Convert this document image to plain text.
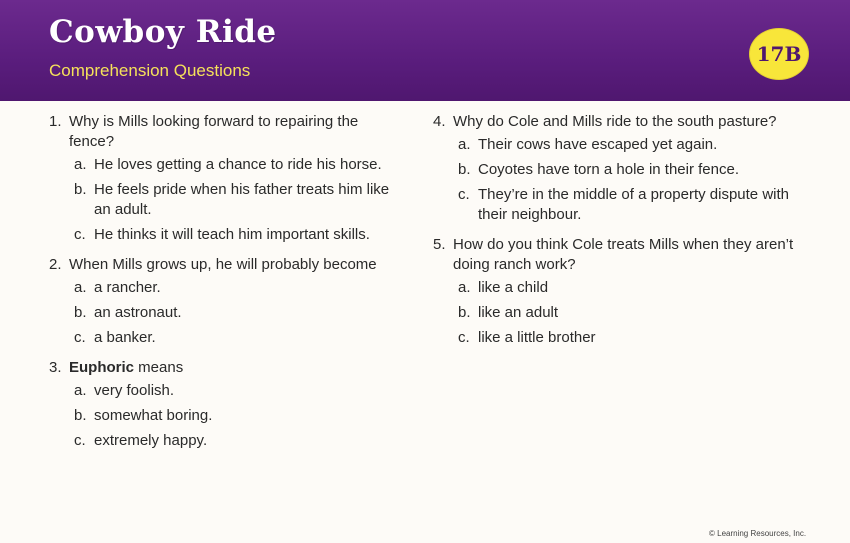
Cowboy Ride
Comprehension Questions
17B
1. Why is Mills looking forward to repairing the fence?
a. He loves getting a chance to ride his horse.
b. He feels pride when his father treats him like an adult.
c. He thinks it will teach him important skills.
2. When Mills grows up, he will probably become
a. a rancher.
b. an astronaut.
c. a banker.
3. Euphoric means
a. very foolish.
b. somewhat boring.
c. extremely happy.
4. Why do Cole and Mills ride to the south pasture?
a. Their cows have escaped yet again.
b. Coyotes have torn a hole in their fence.
c. They’re in the middle of a property dispute with their neighbour.
5. How do you think Cole treats Mills when they aren’t doing ranch work?
a. like a child
b. like an adult
c. like a little brother
© Learning Resources, Inc.
